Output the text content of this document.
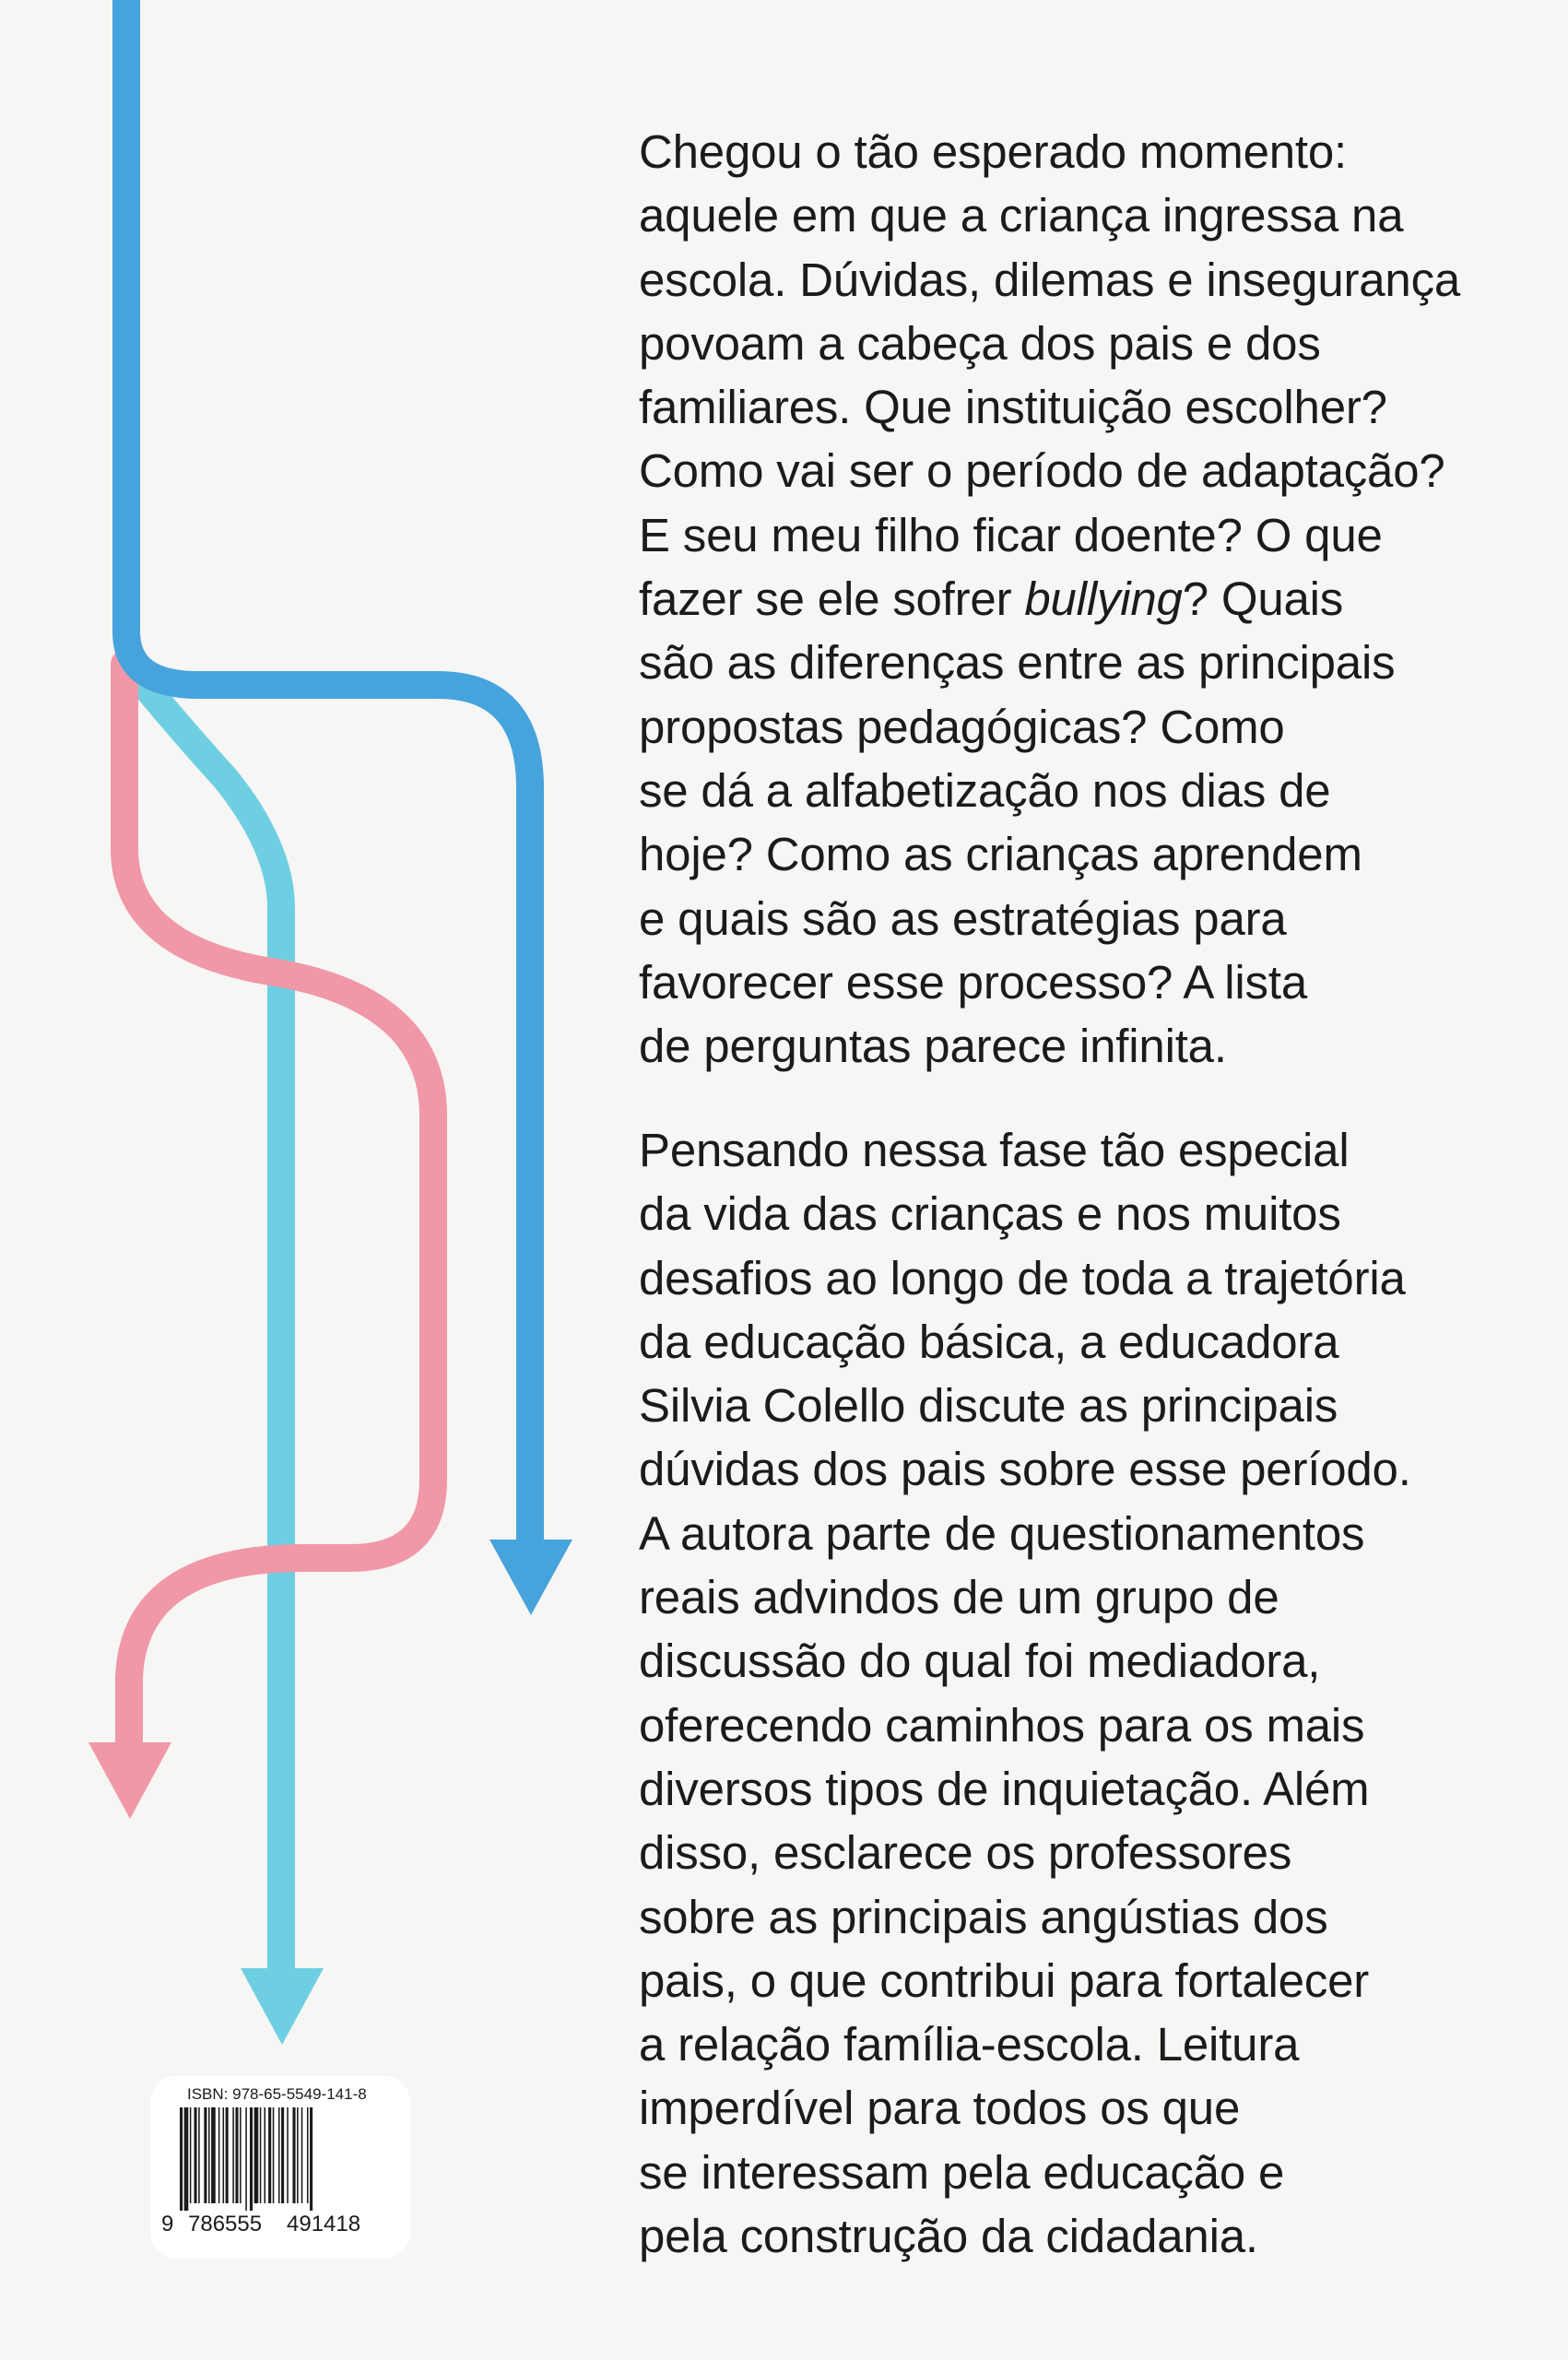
Chegou o tão esperado momento:
aquele em que a criança ingressa na
escola. Dúvidas, dilemas e insegurança
povoam a cabeça dos pais e dos
familiares. Que instituição escolher?
Como vai ser o período de adaptação?
E seu meu filho ficar doente? O que
fazer se ele sofrer bullying? Quais
são as diferenças entre as principais
propostas pedagógicas? Como
se dá a alfabetização nos dias de
hoje? Como as crianças aprendem
e quais são as estratégias para
favorecer esse processo? A lista
de perguntas parece infinita.
Pensando nessa fase tão especial
da vida das crianças e nos muitos
desafios ao longo de toda a trajetória
da educação básica, a educadora
Silvia Colello discute as principais
dúvidas dos pais sobre esse período.
A autora parte de questionamentos
reais advindos de um grupo de
discussão do qual foi mediadora,
oferecendo caminhos para os mais
diversos tipos de inquietação. Além
disso, esclarece os professores
sobre as principais angústias dos
pais, o que contribui para fortalecer
a relação família-escola. Leitura
imperdível para todos os que
se interessam pela educação e
pela construção da cidadania.
ISBN: 978-65-5549-141-8
9 786555 491418
